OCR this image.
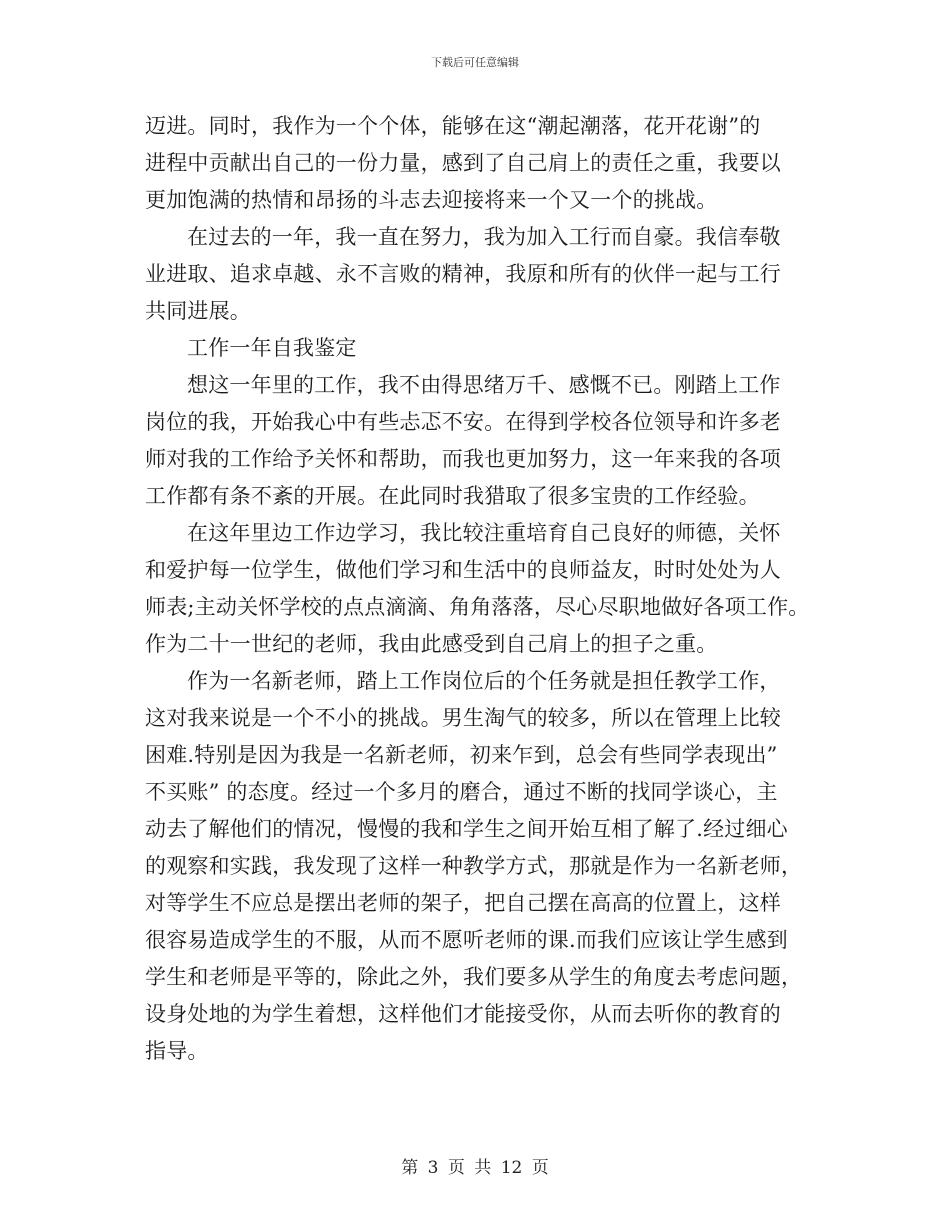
下载后可任意编辑
迈进。同时，我作为一个个体，能够在这“潮起潮落，花开花谢”的
进程中贡献出自己的一份力量，感到了自己肩上的责任之重，我要以
更加饱满的热情和昂扬的斗志去迎接将来一个又一个的挑战。
在过去的一年，我一直在努力，我为加入工行而自豪。我信奉敬
业进取、追求卓越、永不言败的精神，我原和所有的伙伴一起与工行
共同进展。
工作一年自我鉴定
想这一年里的工作，我不由得思绪万千、感慨不已。刚踏上工作
岗位的我，开始我心中有些忐忑不安。在得到学校各位领导和许多老
师对我的工作给予关怀和帮助，而我也更加努力，这一年来我的各项
工作都有条不紊的开展。在此同时我猎取了很多宝贵的工作经验。
在这年里边工作边学习，我比较注重培育自己良好的师德，关怀
和爱护每一位学生，做他们学习和生活中的良师益友，时时处处为人
师表;主动关怀学校的点点滴滴、角角落落，尽心尽职地做好各项工作。
作为二十一世纪的老师，我由此感受到自己肩上的担子之重。
作为一名新老师，踏上工作岗位后的个任务就是担任教学工作，
这对我来说是一个不小的挑战。男生淘气的较多，所以在管理上比较
困难.特别是因为我是一名新老师，初来乍到，总会有些同学表现出”
不买账” 的态度。经过一个多月的磨合，通过不断的找同学谈心，主
动去了解他们的情况，慢慢的我和学生之间开始互相了解了.经过细心
的观察和实践，我发现了这样一种教学方式，那就是作为一名新老师，
对等学生不应总是摆出老师的架子，把自己摆在高高的位置上，这样
很容易造成学生的不服，从而不愿听老师的课.而我们应该让学生感到
学生和老师是平等的，除此之外，我们要多从学生的角度去考虑问题，
设身处地的为学生着想，这样他们才能接受你，从而去听你的教育的
指导。
第 3 页 共 12 页
